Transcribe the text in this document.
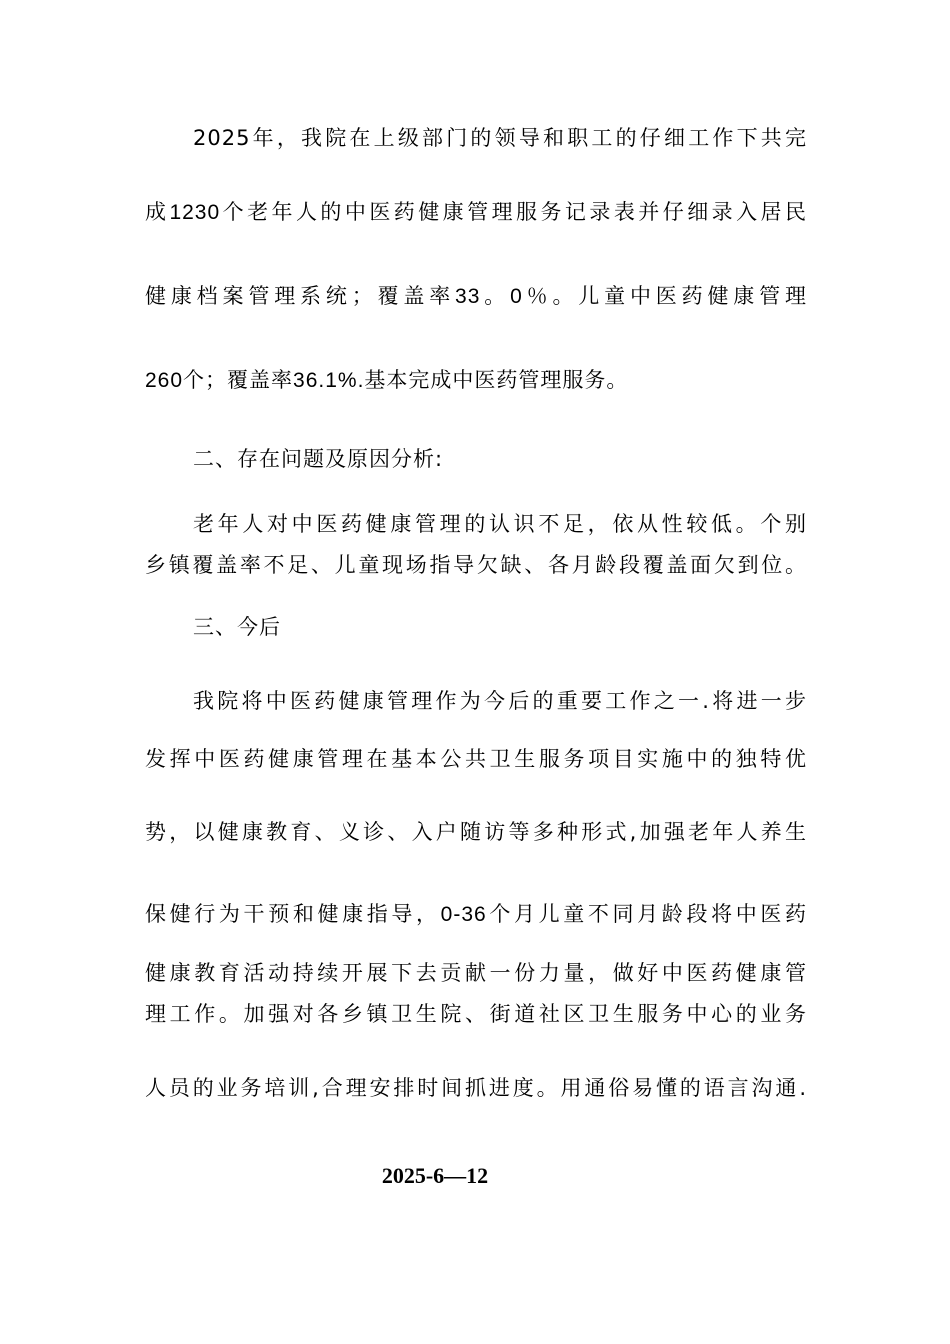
2025年，我院在上级部门的领导和职工的仔细工作下共完
成1230个老年人的中医药健康管理服务记录表并仔细录入居民
健康档案管理系统；覆盖率33。0％。儿童中医药健康管理
260个；覆盖率36.1%.基本完成中医药管理服务。
二、存在问题及原因分析:
老年人对中医药健康管理的认识不足，依从性较低。个别
乡镇覆盖率不足、儿童现场指导欠缺、各月龄段覆盖面欠到位。
三、今后
我院将中医药健康管理作为今后的重要工作之一.将进一步
发挥中医药健康管理在基本公共卫生服务项目实施中的独特优
势，以健康教育、义诊、入户随访等多种形式,加强老年人养生
保健行为干预和健康指导，0-36个月儿童不同月龄段将中医药
健康教育活动持续开展下去贡献一份力量，做好中医药健康管
理工作。加强对各乡镇卫生院、街道社区卫生服务中心的业务
人员的业务培训,合理安排时间抓进度。用通俗易懂的语言沟通.
2025-6—12
